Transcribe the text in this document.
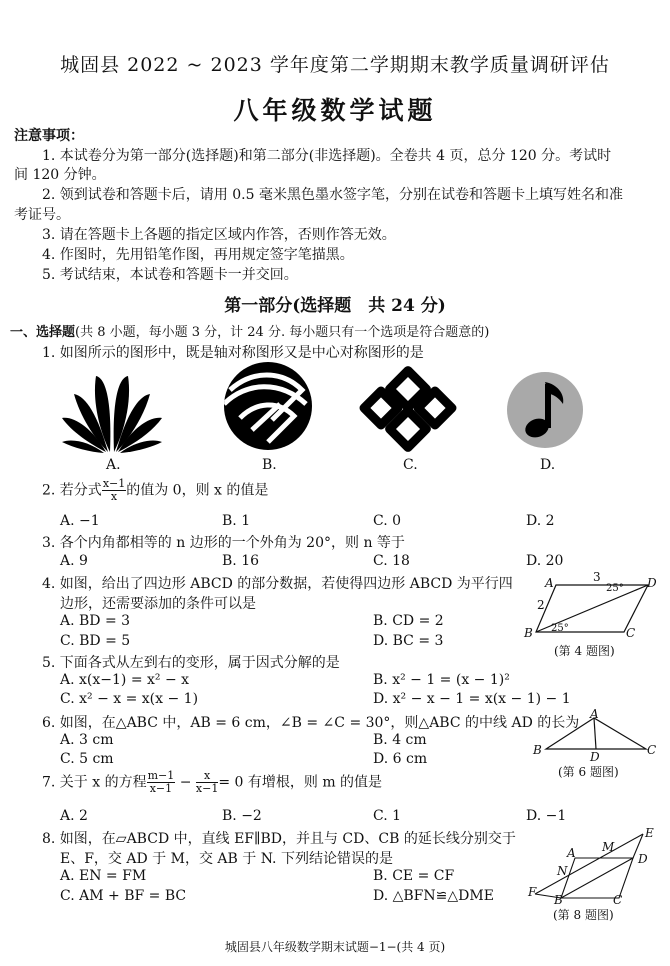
城固县 2022 ~ 2023 学年度第二学期期末教学质量调研评估
八年级数学试题
注意事项：
1. 本试卷分为第一部分(选择题)和第二部分(非选择题)。全卷共 4 页，总分 120 分。考试时
间 120 分钟。
2. 领到试卷和答题卡后，请用 0.5 毫米黑色墨水签字笔，分别在试卷和答题卡上填写姓名和准
考证号。
3. 请在答题卡上各题的指定区域内作答，否则作答无效。
4. 作图时，先用铅笔作图，再用规定签字笔描黑。
5. 考试结束，本试卷和答题卡一并交回。
第一部分(选择题　共 24 分)
一、选择题(共 8 小题，每小题 3 分，计 24 分. 每小题只有一个选项是符合题意的)
1. 如图所示的图形中，既是轴对称图形又是中心对称图形的是
A.	B.	C.	D.
2. 若分式 $\frac{x-1}{x}$ 的值为 0，则 x 的值是
A. −1	B. 1	C. 0	D. 2
3. 各个内角都相等的 n 边形的一个外角为 20°，则 n 等于
A. 9	B. 16	C. 18	D. 20
4. 如图，给出了四边形 ABCD 的部分数据，若使得四边形 ABCD 为平行四
边形，还需要添加的条件可以是
A. BD = 3	B. CD = 2
C. BD = 5	D. BC = 3
A
B	C
D
3
2
25°
25°
(第 4 题图)
5. 下面各式从左到右的变形，属于因式分解的是
A. x(x−1) = x² − x	B. x² − 1 = (x − 1)²
C. x² − x = x(x − 1)	D. x² − x − 1 = x(x − 1) − 1
6. 如图，在△ABC 中，AB = 6 cm，∠B = ∠C = 30°，则△ABC 的中线 AD 的长为
A. 3 cm	B. 4 cm
C. 5 cm	D. 6 cm
A
B	D	C
(第 6 题图)
7. 关于 x 的方程 $\frac{m-1}{x-1} - \frac{x}{x-1} = 0$ 有增根，则 m 的值是
A. 2	B. −2	C. 1	D. −1
8. 如图，在▱ABCD 中，直线 EF∥BD，并且与 CD、CB 的延长线分别交于
E、F，交 AD 于 M，交 AB 于 N. 下列结论错误的是
A. EN = FM	B. CE = CF
C. AM + BF = BC	D. △BFN≌△DME
E
A M
D
N
F
B	C
(第 8 题图)
城固县八年级数学期末试题−1−(共 4 页)
